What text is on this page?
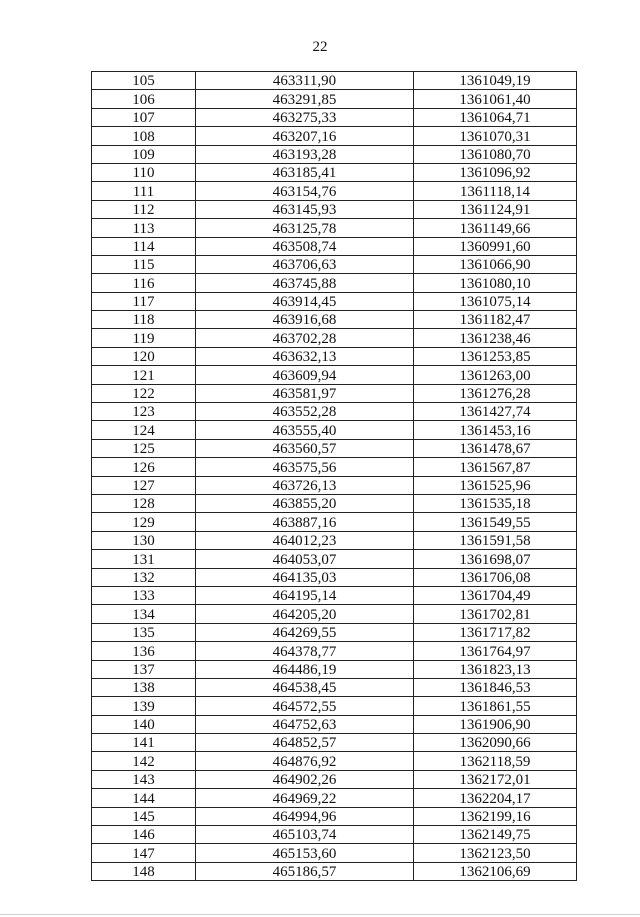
22
105	463311,90	1361049,19
106	463291,85	1361061,40
107	463275,33	1361064,71
108	463207,16	1361070,31
109	463193,28	1361080,70
110	463185,41	1361096,92
111	463154,76	1361118,14
112	463145,93	1361124,91
113	463125,78	1361149,66
114	463508,74	1360991,60
115	463706,63	1361066,90
116	463745,88	1361080,10
117	463914,45	1361075,14
118	463916,68	1361182,47
119	463702,28	1361238,46
120	463632,13	1361253,85
121	463609,94	1361263,00
122	463581,97	1361276,28
123	463552,28	1361427,74
124	463555,40	1361453,16
125	463560,57	1361478,67
126	463575,56	1361567,87
127	463726,13	1361525,96
128	463855,20	1361535,18
129	463887,16	1361549,55
130	464012,23	1361591,58
131	464053,07	1361698,07
132	464135,03	1361706,08
133	464195,14	1361704,49
134	464205,20	1361702,81
135	464269,55	1361717,82
136	464378,77	1361764,97
137	464486,19	1361823,13
138	464538,45	1361846,53
139	464572,55	1361861,55
140	464752,63	1361906,90
141	464852,57	1362090,66
142	464876,92	1362118,59
143	464902,26	1362172,01
144	464969,22	1362204,17
145	464994,96	1362199,16
146	465103,74	1362149,75
147	465153,60	1362123,50
148	465186,57	1362106,69
